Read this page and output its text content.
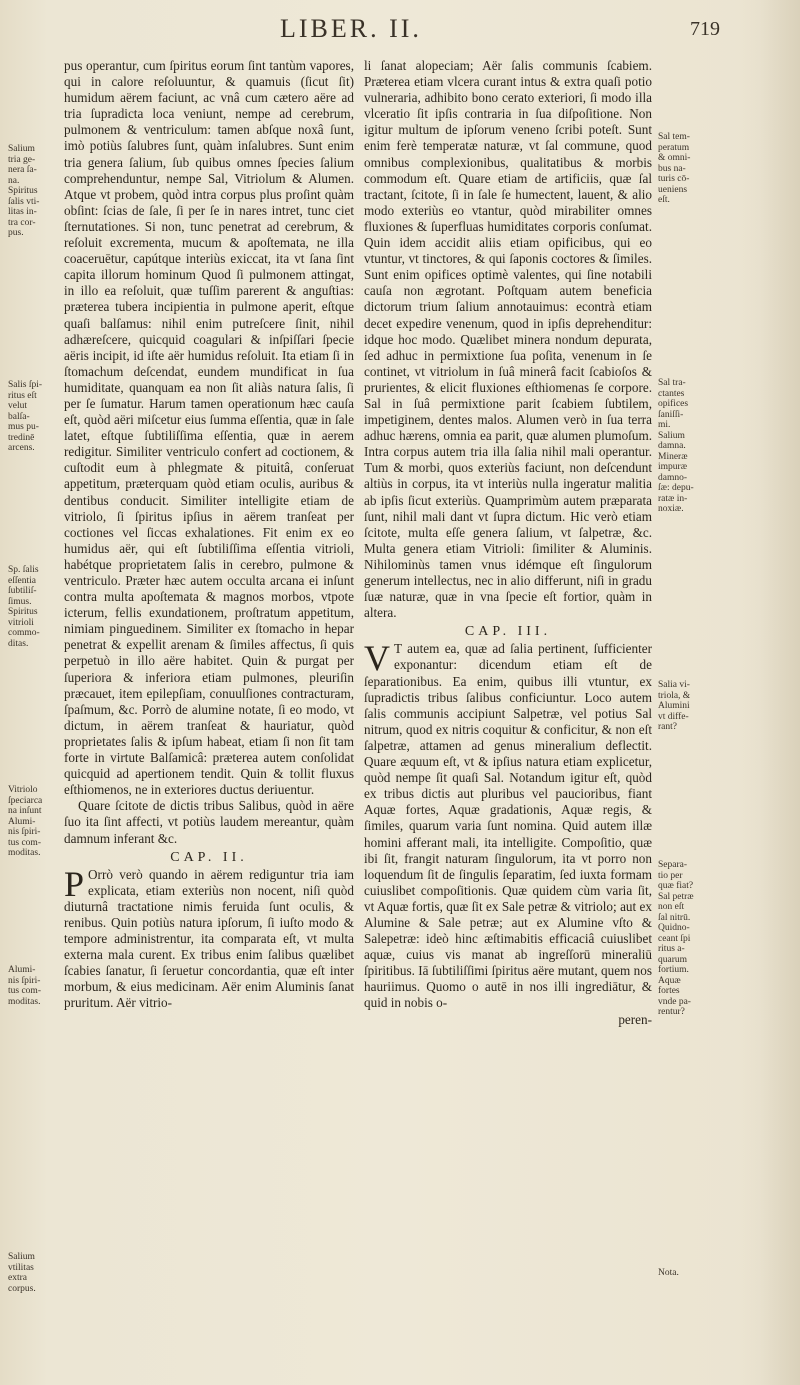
LIBER. II.	719
Salium
tria ge-
nera ſa-
na.
Spiritus
ſalis vti-
litas in-
tra cor-
pus.
Salis ſpi-
ritus eſt
velut
balſa-
mus pu-
tredinē
arcens.
Sp. ſalis
eſſentia
ſubtiliſ-
ſimus.
Spiritus
vitrioli
commo-
ditas.
Vitriolo
ſpeciarca
na inſunt
Alumi-
nis ſpiri-
tus com-
moditas.
Alumi-
nis ſpiri-
tus com-
moditas.
Salium
vtilitas
extra
corpus.

pus operantur, cum ſpiritus eorum ſint tantùm vapores, qui in calore reſoluuntur, & quamuis (ſicut ſit) humidum aërem faciunt, ac vnâ cum cætero aëre ad tria ſupradicta loca veniunt, nempe ad cerebrum, pulmonem & ventriculum: tamen abſque noxâ ſunt, imò potiùs ſalubres ſunt, quàm inſalubres. Sunt enim tria genera ſalium, ſub quibus omnes ſpecies ſalium comprehenduntur, nempe Sal, Vitriolum & Alumen. Atque vt probem, quòd intra corpus plus proſint quàm obſint: ſcias de ſale, ſi per ſe in nares intret, tunc ciet ſternutationes. Si non, tunc penetrat ad cerebrum, & reſoluit excrementa, mucum & apoſtemata, ne illa coaceruētur, capútque interiùs exiccat, ita vt ſana ſint capita illorum hominum Quod ſi pulmonem attingat, in illo ea reſoluit, quæ tuſſim parerent & anguſtias: præterea tubera incipientia in pulmone aperit, eſtque quaſi balſamus: nihil enim putreſcere ſinit, nihil adhæreſcere, quicquid coagulari & inſpiſſari ſpecie aëris incipit, id iſte aër humidus reſoluit. Ita etiam ſi in ſtomachum deſcendat, eundem mundificat in ſua humiditate, quanquam ea non ſit aliàs natura ſalis, ſi per ſe ſumatur. Harum tamen operationum hæc cauſa eſt, quòd aëri miſcetur eius ſumma eſſentia, quæ in ſale latet, eſtque ſubtiliſſima eſſentia, quæ in aerem redigitur. Similiter ventriculo confert ad coctionem, & cuſtodit eum à phlegmate & pituitâ, conſeruat appetitum, præterquam quòd etiam oculis, auribus & dentibus conducit. Similiter intelligite etiam de vitriolo, ſi ſpiritus ipſius in aërem tranſeat per coctiones vel ſiccas exhalationes. Fit enim ex eo humidus aër, qui eſt ſubtiliſſima eſſentia vitrioli, habétque proprietatem ſalis in cerebro, pulmone & ventriculo. Præter hæc autem occulta arcana ei inſunt contra multa apoſtemata & magnos morbos, vtpote icterum, fellis exundationem, proſtratum appetitum, nimiam pinguedinem. Similiter ex ſtomacho in hepar penetrat & expellit arenam & ſimiles affectus, ſi quis perpetuò in illo aëre habitet. Quin & purgat per ſuperiora & inferiora etiam pulmones, pleuriſin præcauet, item epilepſiam, conuulſiones contracturam, ſpaſmum, &c. Porrò de alumine notate, ſi eo modo, vt dictum, in aërem tranſeat & hauriatur, quòd proprietates ſalis & ipſum habeat, etiam ſi non ſit tam forte in virtute Balſamicâ: præterea autem conſolidat quicquid ad apertionem tendit. Quin & tollit fluxus eſthiomenos, ne in exteriores ductus deriuentur.

Quare ſcitote de dictis tribus Salibus, quòd in aëre ſuo ita ſint affecti, vt potiùs laudem mereantur, quàm damnum inferant &c.

CAP. II.

POrrò verò quando in aërem rediguntur tria iam explicata, etiam exteriùs non nocent, niſi quòd diuturnâ tractatione nimis feruida ſunt oculis, & renibus. Quin potiùs natura ipſorum, ſi iuſto modo & tempore administrentur, ita comparata eſt, vt multa externa mala curent. Ex tribus enim ſalibus quælibet ſcabies ſanatur, ſi ſeruetur concordantia, quæ eſt inter morbum, & eius medicinam. Aër enim Aluminis ſanat pruritum. Aër vitrio-

li ſanat alopeciam; Aër ſalis communis ſcabiem. Præterea etiam vlcera curant intus & extra quaſi potio vulneraria, adhibito bono cerato exteriori, ſi modo illa vlceratio ſit ipſis contraria in ſua diſpoſitione. Non igitur multum de ipſorum veneno ſcribi poteſt. Sunt enim ferè temperatæ naturæ, vt ſal commune, quod omnibus complexionibus, qualitatibus & morbis commodum eſt. Quare etiam de artificiis, quæ ſal tractant, ſcitote, ſi in ſale ſe humectent, lauent, & alio modo exteriùs eo vtantur, quòd mirabiliter omnes fluxiones & ſuperfluas humiditates corporis conſumat. Quin idem accidit aliis etiam opificibus, qui eo vtuntur, vt tinctores, & qui ſaponis coctores & ſimiles. Sunt enim opifices optimè valentes, qui ſine notabili cauſa non ægrotant. Poſtquam autem beneficia dictorum trium ſalium annotauimus: econtrà etiam decet expedire venenum, quod in ipſis deprehenditur: idque hoc modo. Quælibet minera nondum depurata, ſed adhuc in permixtione ſua poſita, venenum in ſe continet, vt vitriolum in ſuâ minerâ facit ſcabioſos & prurientes, & elicit fluxiones eſthiomenas ſe corpore. Sal in ſuâ permixtione parit ſcabiem ſubtilem, impetiginem, dentes malos. Alumen verò in ſua terra adhuc hærens, omnia ea parit, quæ alumen plumoſum. Intra corpus autem tria illa ſalia nihil mali operantur. Tum & morbi, quos exteriùs faciunt, non deſcendunt altiùs in corpus, ita vt interiùs nulla ingeratur malitia ab ipſis ſicut exteriùs. Quamprimùm autem præparata ſunt, nihil mali dant vt ſupra dictum. Hic verò etiam ſcitote, multa eſſe genera ſalium, vt ſalpetræ, &c. Multa genera etiam Vitrioli: ſimiliter & Aluminis. Nihilominùs tamen vnus idémque eſt ſingulorum generum intellectus, nec in alio differunt, niſi in gradu ſuæ naturæ, quæ in vna ſpecie eſt fortior, quàm in altera.

CAP. III.

VT autem ea, quæ ad ſalia pertinent, ſufficienter exponantur: dicendum etiam eſt de ſeparationibus. Ea enim, quibus illi vtuntur, ex ſupradictis tribus ſalibus conficiuntur. Loco autem ſalis communis accipiunt Salpetræ, vel potius Sal nitrum, quod ex nitris coquitur & conficitur, & non eſt ſalpetræ, attamen ad genus mineralium deflectit. Quare æquum eſt, vt & ipſius natura etiam explicetur, quòd nempe ſit quaſi Sal. Notandum igitur eſt, quòd ex tribus dictis aut pluribus vel paucioribus, fiant Aquæ fortes, Aquæ gradationis, Aquæ regis, & ſimiles, quarum varia ſunt nomina. Quid autem illæ homini afferant mali, ita intelligite. Compoſitio, quæ ibi ſit, frangit naturam ſingulorum, ita vt porro non loquendum ſit de ſingulis ſeparatim, ſed iuxta formam cuiuslibet compoſitionis. Quæ quidem cùm varia ſit, vt Aquæ fortis, quæ ſit ex Sale petræ & vitriolo; aut ex Alumine & Sale petræ; aut ex Alumine vſto & Salepetræ: ideò hinc æſtimabitis efficaciâ cuiuslibet aquæ, cuius vis manat ab ingreſſorū mineraliū ſpiritibus. Iā ſubtiliſſimi ſpiritus aëre mutant, quem nos hauriimus. Quomo o autē in nos illi ingrediātur, & quid in nobis o-

peren-

Sal tem-
peratum
& omni-
bus na-
turis cō-
ueniens
eſt.
Sal tra-
ctantes
opifices
ſaniſſi-
mi.
Salium
damna.
Mineræ
impuræ
damno-
ſæ: depu-
ratæ in-
noxiæ.
Salia vi-
triola, &
Alumini
vt diffe-
rant?
Separa-
tio per
quæ fiat?
Sal petræ
non eſt
ſal nitrū.
Quidno-
ceant ſpi
ritus a-
quarum
fortium.
Aquæ
fortes
vnde pa-
rentur?
Nota.
